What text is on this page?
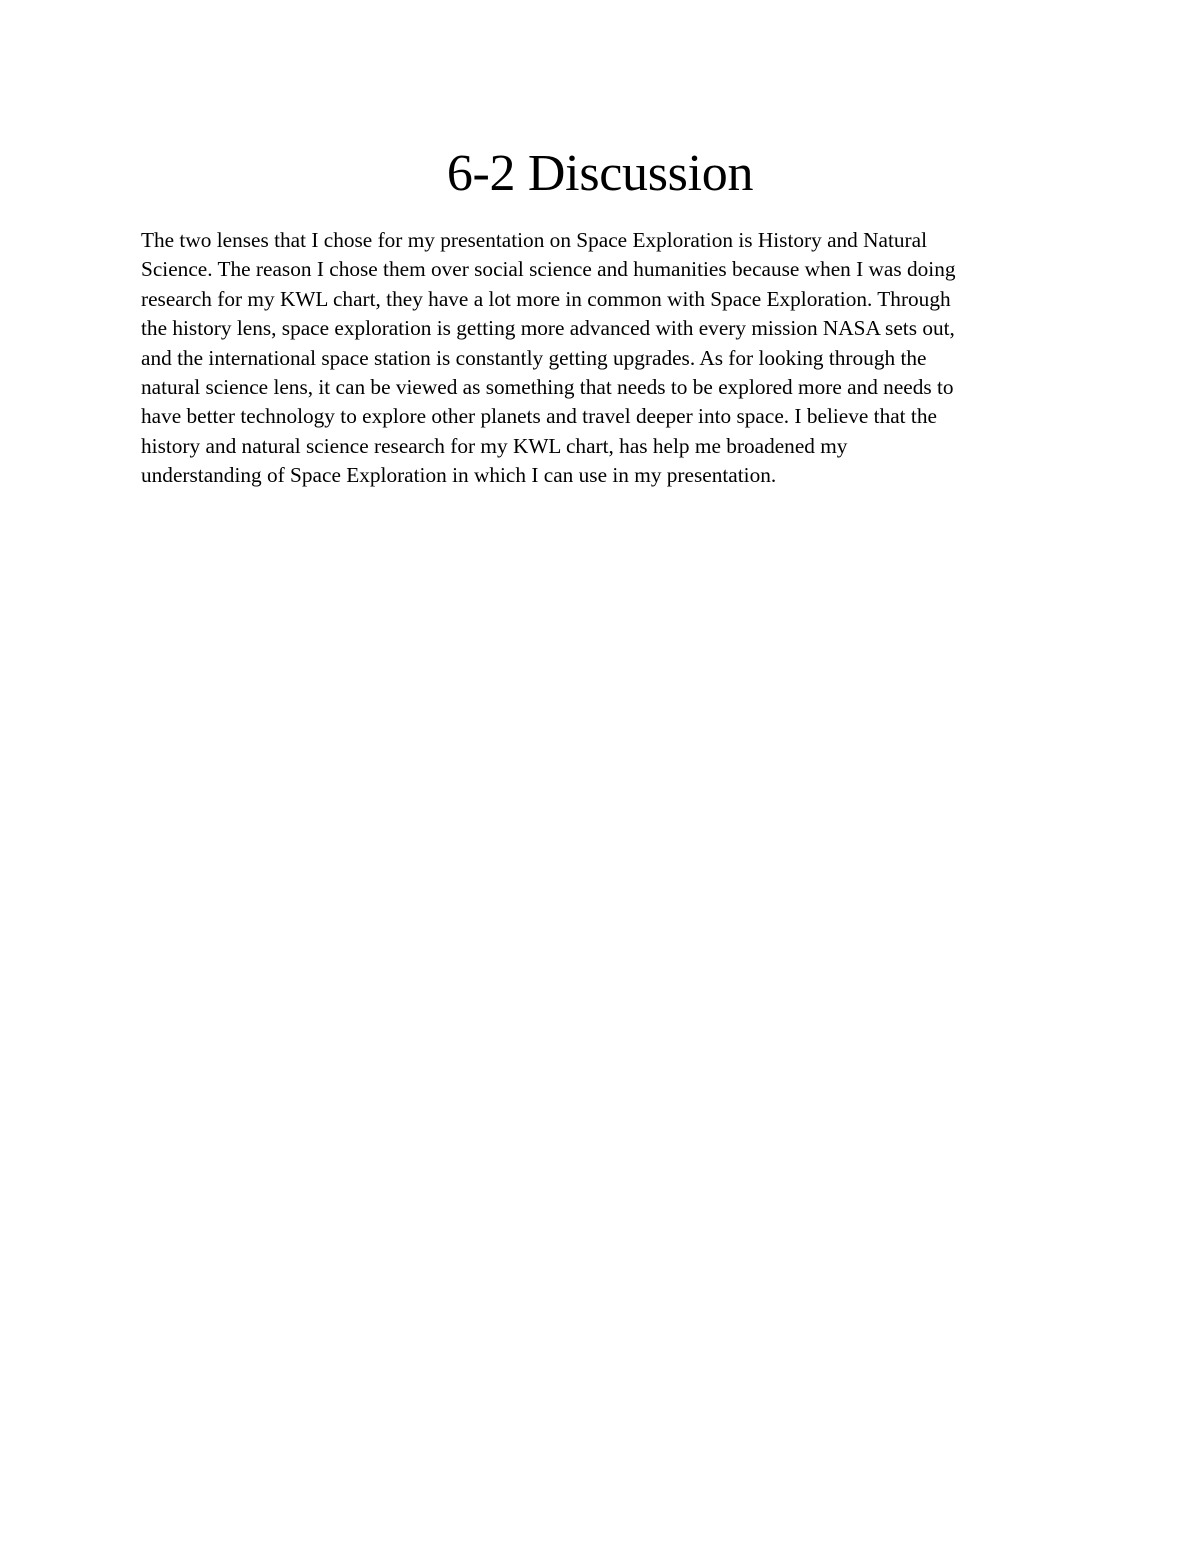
6-2 Discussion

The two lenses that I chose for my presentation on Space Exploration is History and Natural
Science. The reason I chose them over social science and humanities because when I was doing
research for my KWL chart, they have a lot more in common with Space Exploration. Through
the history lens, space exploration is getting more advanced with every mission NASA sets out,
and the international space station is constantly getting upgrades. As for looking through the
natural science lens, it can be viewed as something that needs to be explored more and needs to
have better technology to explore other planets and travel deeper into space. I believe that the
history and natural science research for my KWL chart, has help me broadened my
understanding of Space Exploration in which I can use in my presentation.
